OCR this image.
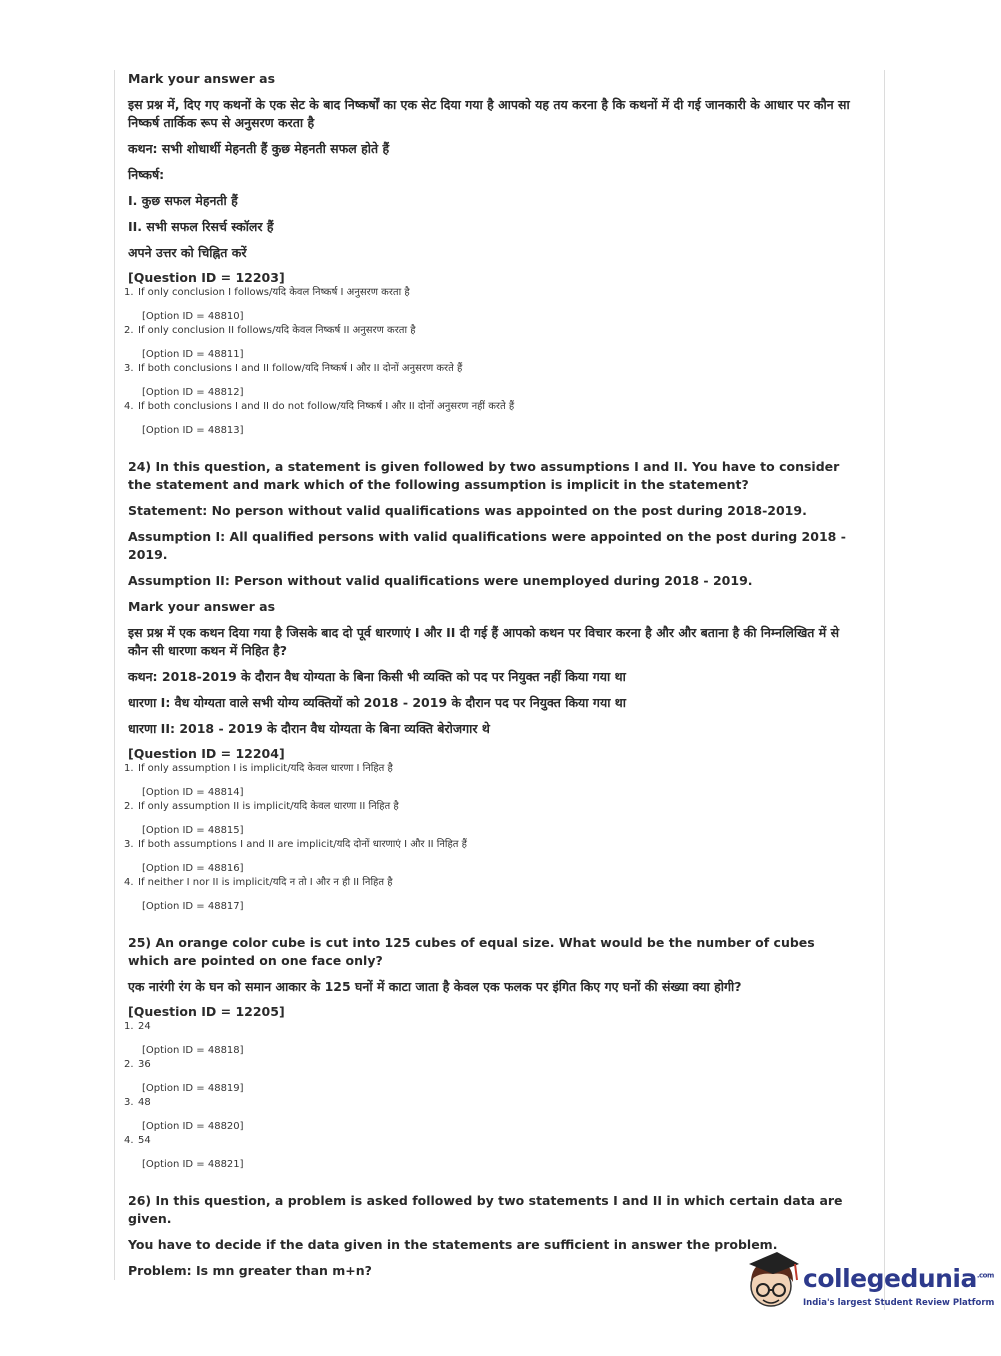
Mark your answer as

इस प्रश्न में, दिए गए कथनों के एक सेट के बाद निष्कर्षों का एक सेट दिया गया है आपको यह तय करना है कि कथनों में दी गई जानकारी के आधार पर कौन सा निष्कर्ष तार्किक रूप से अनुसरण करता है

कथन: सभी शोधार्थी मेहनती हैं कुछ मेहनती सफल होते हैं

निष्कर्ष:

I. कुछ सफल मेहनती हैं

II. सभी सफल रिसर्च स्कॉलर हैं

अपने उत्तर को चिह्नित करें

[Question ID = 12203]

1. If only conclusion I follows/यदि केवल निष्कर्ष I अनुसरण करता है
[Option ID = 48810]
2. If only conclusion II follows/यदि केवल निष्कर्ष II अनुसरण करता है
[Option ID = 48811]
3. If both conclusions I and II follow/यदि निष्कर्ष I और II दोनों अनुसरण करते हैं
[Option ID = 48812]
4. If both conclusions I and II do not follow/यदि निष्कर्ष I और II दोनों अनुसरण नहीं करते हैं
[Option ID = 48813]

24) In this question, a statement is given followed by two assumptions I and II. You have to consider the statement and mark which of the following assumption is implicit in the statement?

Statement: No person without valid qualifications was appointed on the post during 2018-2019.

Assumption I: All qualified persons with valid qualifications were appointed on the post during 2018 - 2019.

Assumption II: Person without valid qualifications were unemployed during 2018 - 2019.

Mark your answer as

इस प्रश्न में एक कथन दिया गया है जिसके बाद दो पूर्व धारणाएं I और II दी गई हैं आपको कथन पर विचार करना है और और बताना है की निम्नलिखित में से कौन सी धारणा कथन में निहित है?

कथन: 2018-2019 के दौरान वैध योग्यता के बिना किसी भी व्यक्ति को पद पर नियुक्त नहीं किया गया था

धारणा I: वैध योग्यता वाले सभी योग्य व्यक्तियों को 2018 - 2019 के दौरान पद पर नियुक्त किया गया था

धारणा II: 2018 - 2019 के दौरान वैध योग्यता के बिना व्यक्ति बेरोजगार थे

[Question ID = 12204]

1. If only assumption I is implicit/यदि केवल धारणा I निहित है
[Option ID = 48814]
2. If only assumption II is implicit/यदि केवल धारणा II निहित है
[Option ID = 48815]
3. If both assumptions I and II are implicit/यदि दोनों धारणाएं I और II निहित हैं
[Option ID = 48816]
4. If neither I nor II is implicit/यदि न तो I और न ही II निहित है
[Option ID = 48817]

25) An orange color cube is cut into 125 cubes of equal size. What would be the number of cubes which are pointed on one face only?

एक नारंगी रंग के घन को समान आकार के 125 घनों में काटा जाता है केवल एक फलक पर इंगित किए गए घनों की संख्या क्या होगी?

[Question ID = 12205]

1. 24
[Option ID = 48818]
2. 36
[Option ID = 48819]
3. 48
[Option ID = 48820]
4. 54
[Option ID = 48821]

26) In this question, a problem is asked followed by two statements I and II in which certain data are given.

You have to decide if the data given in the statements are sufficient in answer the problem.

Problem: Is mn greater than m+n?	collegedunia$^{.com}$
India's largest Student Review Platform
